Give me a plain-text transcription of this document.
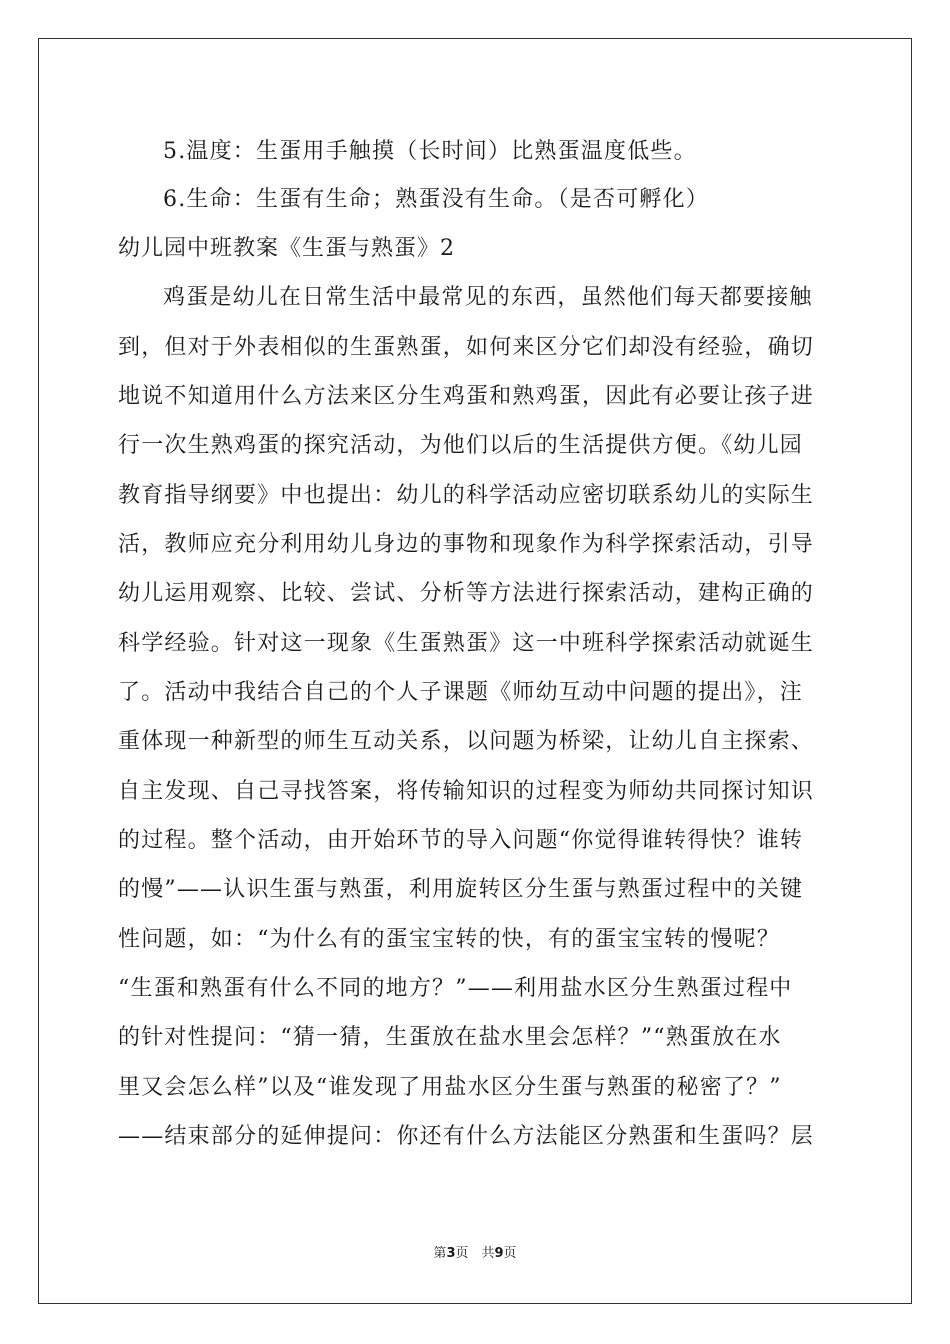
5.温度：生蛋用手触摸（长时间）比熟蛋温度低些。

6.生命：生蛋有生命；熟蛋没有生命。（是否可孵化）

幼儿园中班教案《生蛋与熟蛋》2

鸡蛋是幼儿在日常生活中最常见的东西，虽然他们每天都要接触

到，但对于外表相似的生蛋熟蛋，如何来区分它们却没有经验，确切

地说不知道用什么方法来区分生鸡蛋和熟鸡蛋，因此有必要让孩子进

行一次生熟鸡蛋的探究活动，为他们以后的生活提供方便。《幼儿园

教育指导纲要》中也提出：幼儿的科学活动应密切联系幼儿的实际生

活，教师应充分利用幼儿身边的事物和现象作为科学探索活动，引导

幼儿运用观察、比较、尝试、分析等方法进行探索活动，建构正确的

科学经验。针对这一现象《生蛋熟蛋》这一中班科学探索活动就诞生

了。活动中我结合自己的个人子课题《师幼互动中问题的提出》，注

重体现一种新型的师生互动关系，以问题为桥梁，让幼儿自主探索、

自主发现、自己寻找答案，将传输知识的过程变为师幼共同探讨知识

的过程。整个活动，由开始环节的导入问题“你觉得谁转得快？谁转

的慢”——认识生蛋与熟蛋，利用旋转区分生蛋与熟蛋过程中的关键

性问题，如：“为什么有的蛋宝宝转的快，有的蛋宝宝转的慢呢？

“生蛋和熟蛋有什么不同的地方？”——利用盐水区分生熟蛋过程中

的针对性提问：“猜一猜，生蛋放在盐水里会怎样？”“熟蛋放在水

里又会怎么样”以及“谁发现了用盐水区分生蛋与熟蛋的秘密了？”

——结束部分的延伸提问：你还有什么方法能区分熟蛋和生蛋吗？层

第3页　共9页
